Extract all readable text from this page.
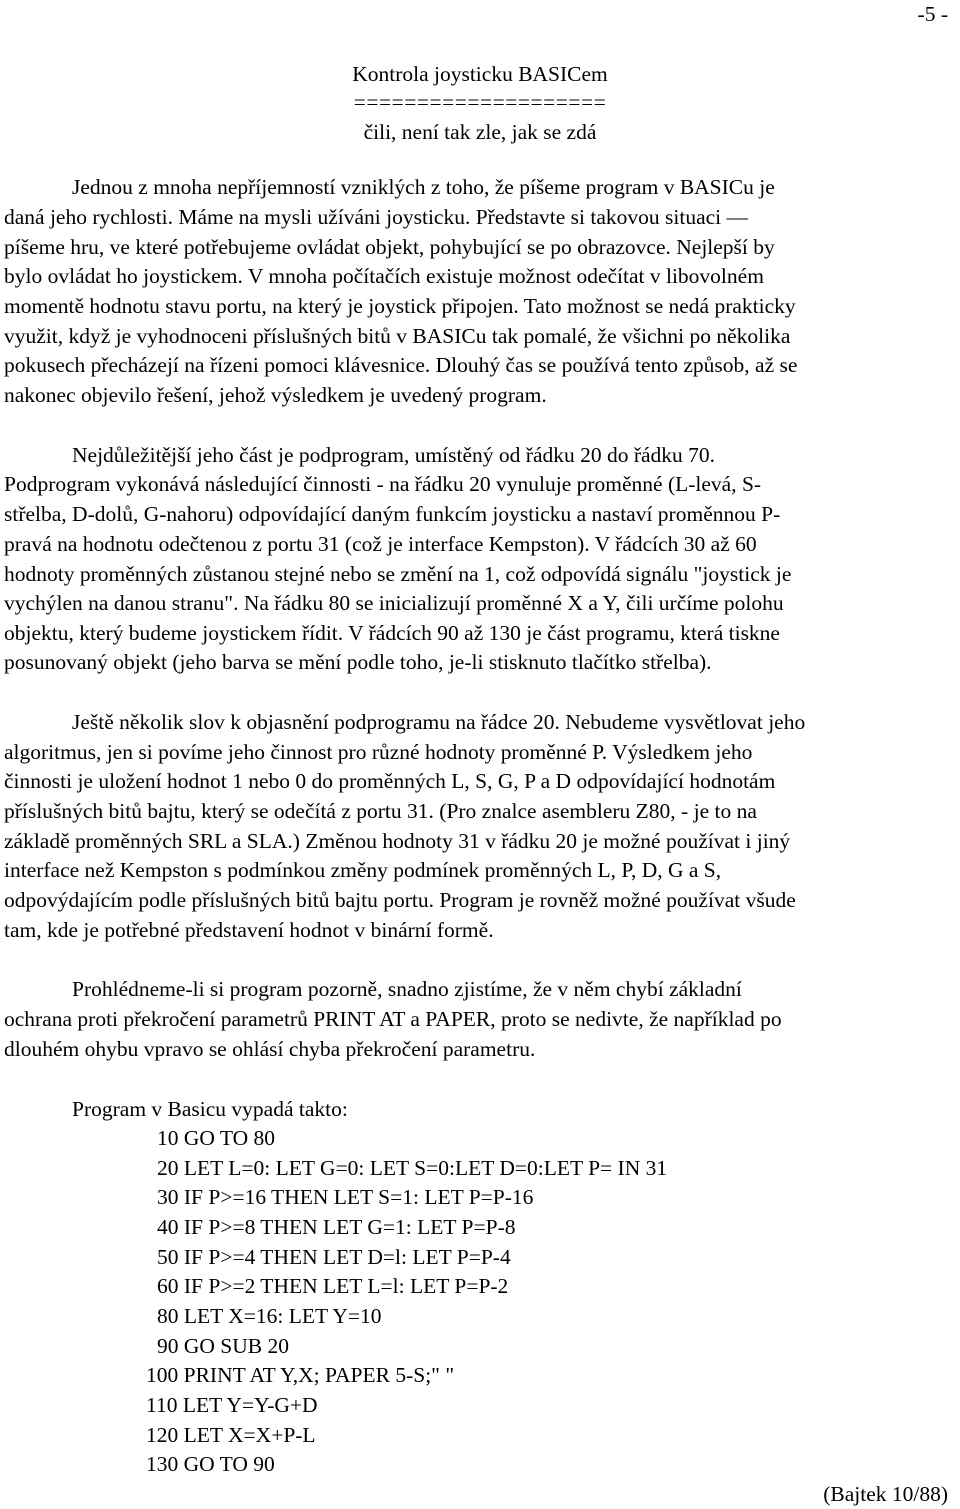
-5 -
Kontrola joysticku BASICem
====================
čili, není tak zle, jak se zdá
Jednou z mnoha nepříjemností vzniklých z toho, že píšeme program v BASICu je
daná jeho rychlosti. Máme na mysli užíváni joysticku. Představte si takovou situaci —
píšeme hru, ve které potřebujeme ovládat objekt, pohybující se po obrazovce. Nejlepší by
bylo ovládat ho joystickem. V mnoha počítačích existuje možnost odečítat v libovolném
momentě hodnotu stavu portu, na který je joystick připojen. Tato možnost se nedá prakticky
využit, když je vyhodnoceni příslušných bitů v BASICu tak pomalé, že všichni po několika
pokusech přecházejí na řízeni pomoci klávesnice. Dlouhý čas se používá tento způsob, až se
nakonec objevilo řešení, jehož výsledkem je uvedený program.
Nejdůležitější jeho část je podprogram, umístěný od řádku 20 do řádku 70.
Podprogram vykonává následující činnosti - na řádku 20 vynuluje proměnné (L-levá, S-
střelba, D-dolů, G-nahoru) odpovídající daným funkcím joysticku a nastaví proměnnou P-
pravá na hodnotu odečtenou z portu 31 (což je interface Kempston). V řádcích 30 až 60
hodnoty proměnných zůstanou stejné nebo se změní na 1, což odpovídá signálu "joystick je
vychýlen na danou stranu". Na řádku 80 se inicializují proměnné X a Y, čili určíme polohu
objektu, který budeme joystickem řídit. V řádcích 90 až 130 je část programu, která tiskne
posunovaný objekt (jeho barva se mění podle toho, je-li stisknuto tlačítko střelba).
Ještě několik slov k objasnění podprogramu na řádce 20. Nebudeme vysvětlovat jeho
algoritmus, jen si povíme jeho činnost pro různé hodnoty proměnné P. Výsledkem jeho
činnosti je uložení hodnot 1 nebo 0 do proměnných L, S, G, P a D odpovídající hodnotám
příslušných bitů bajtu, který se odečítá z portu 31. (Pro znalce asembleru Z80, - je to na
základě proměnných SRL a SLA.) Změnou hodnoty 31 v řádku 20 je možné používat i jiný
interface než Kempston s podmínkou změny podmínek proměnných L, P, D, G a S,
odpovýdajícím podle příslušných bitů bajtu portu. Program je rovněž možné používat všude
tam, kde je potřebné představení hodnot v binární formě.
Prohlédneme-li si program pozorně, snadno zjistíme, že v něm chybí základní
ochrana proti překročení parametrů PRINT AT a PAPER, proto se nedivte, že například po
dlouhém ohybu vpravo se ohlásí chyba překročení parametru.
Program v Basicu vypadá takto:
10 GO TO 80
20 LET L=0: LET G=0: LET S=0:LET D=0:LET P= IN 31
30 IF P>=16 THEN LET S=1: LET P=P-16
40 IF P>=8 THEN LET G=1: LET P=P-8
50 IF P>=4 THEN LET D=l: LET P=P-4
60 IF P>=2 THEN LET L=l: LET P=P-2
80 LET X=16: LET Y=10
90 GO SUB 20
100 PRINT AT Y,X; PAPER 5-S;" "
110 LET Y=Y-G+D
120 LET X=X+P-L
130 GO TO 90
(Bajtek 10/88)
